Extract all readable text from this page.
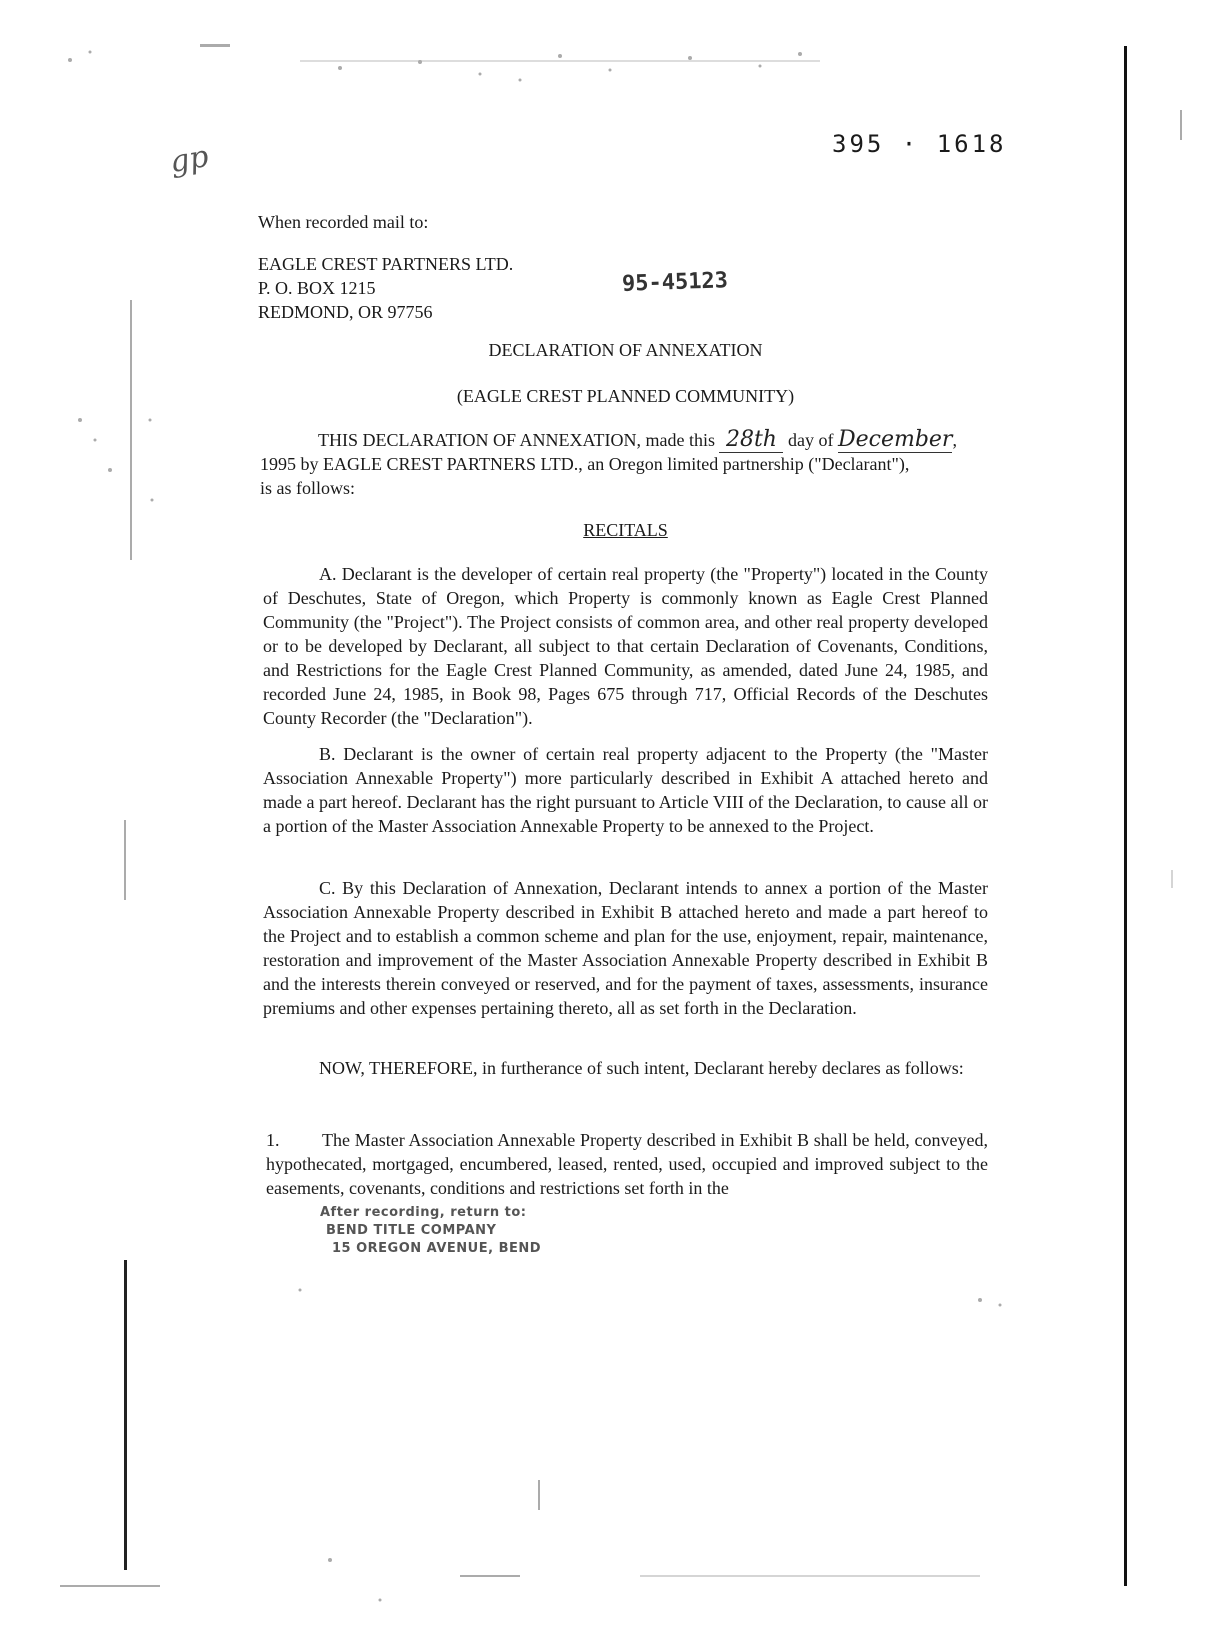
gp	395 · 1618
When recorded mail to:
EAGLE CREST PARTNERS LTD.
P. O. BOX 1215
REDMOND, OR 97756
95-45123
DECLARATION OF ANNEXATION
(EAGLE CREST PLANNED COMMUNITY)
THIS DECLARATION OF ANNEXATION, made this 28th day of December,
1995 by EAGLE CREST PARTNERS LTD., an Oregon limited partnership ("Declarant"),
is as follows:
RECITALS
A. Declarant is the developer of certain real property (the "Property") located in the County of Deschutes, State of Oregon, which Property is commonly known as Eagle Crest Planned Community (the "Project"). The Project consists of common area, and other real property developed or to be developed by Declarant, all subject to that certain Declaration of Covenants, Conditions, and Restrictions for the Eagle Crest Planned Community, as amended, dated June 24, 1985, and recorded June 24, 1985, in Book 98, Pages 675 through 717, Official Records of the Deschutes County Recorder (the "Declaration").
B. Declarant is the owner of certain real property adjacent to the Property (the "Master Association Annexable Property") more particularly described in Exhibit A attached hereto and made a part hereof. Declarant has the right pursuant to Article VIII of the Declaration, to cause all or a portion of the Master Association Annexable Property to be annexed to the Project.
C. By this Declaration of Annexation, Declarant intends to annex a portion of the Master Association Annexable Property described in Exhibit B attached hereto and made a part hereof to the Project and to establish a common scheme and plan for the use, enjoyment, repair, maintenance, restoration and improvement of the Master Association Annexable Property described in Exhibit B and the interests therein conveyed or reserved, and for the payment of taxes, assessments, insurance premiums and other expenses pertaining thereto, all as set forth in the Declaration.
NOW, THEREFORE, in furtherance of such intent, Declarant hereby declares as follows:
1.	The Master Association Annexable Property described in Exhibit B shall be held, conveyed, hypothecated, mortgaged, encumbered, leased, rented, used, occupied and improved subject to the easements, covenants, conditions and restrictions set forth in the
After recording, return to:
BEND TITLE COMPANY
15 OREGON AVENUE, BEND
